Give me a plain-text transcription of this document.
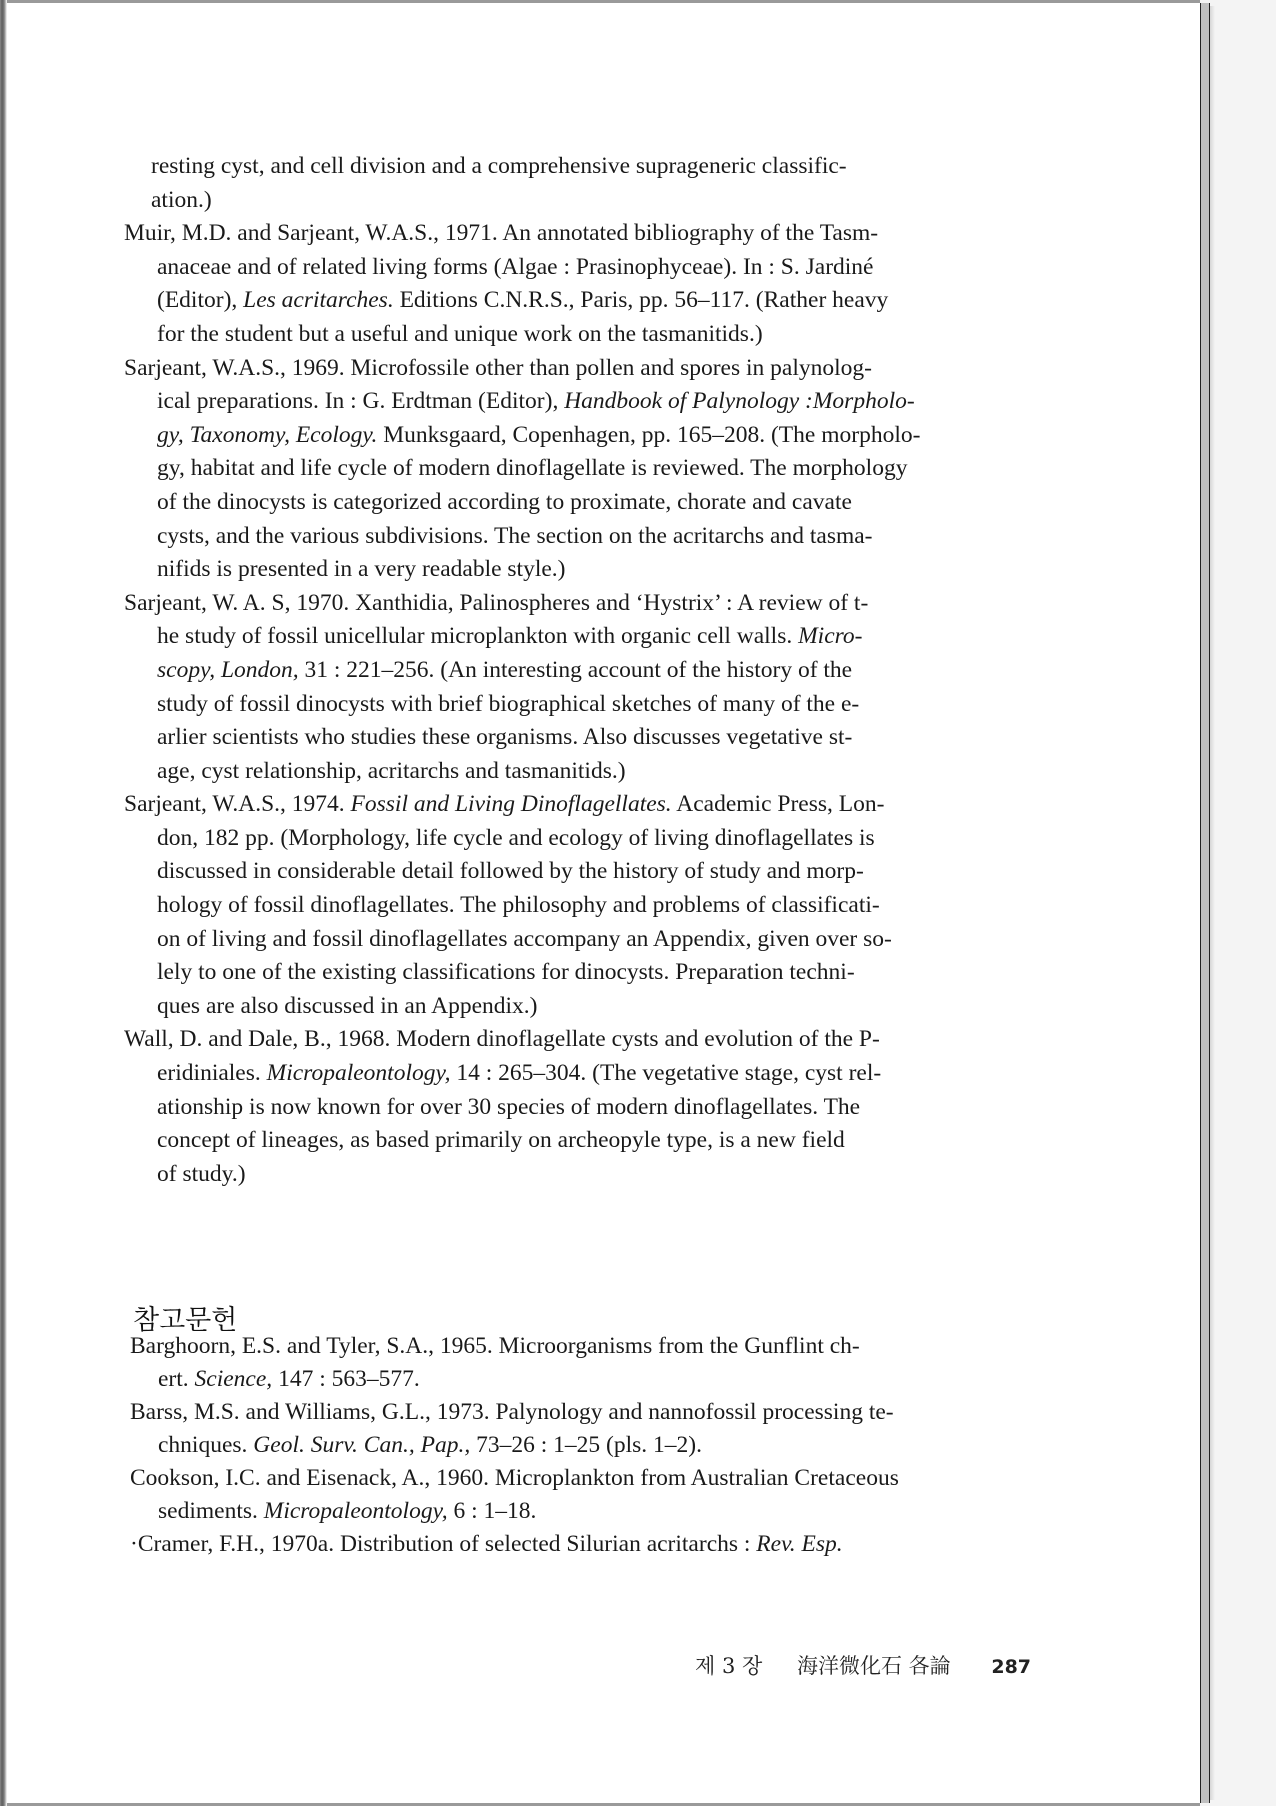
resting cyst, and cell division and a comprehensive suprageneric classific-
ation.)
Muir, M.D. and Sarjeant, W.A.S., 1971. An annotated bibliography of the Tasm-
anaceae and of related living forms (Algae : Prasinophyceae). In : S. Jardiné
(Editor), Les acritarches. Editions C.N.R.S., Paris, pp. 56–117. (Rather heavy
for the student but a useful and unique work on the tasmanitids.)
Sarjeant, W.A.S., 1969. Microfossile other than pollen and spores in palynolog-
ical preparations. In : G. Erdtman (Editor), Handbook of Palynology :Morpholo-
gy, Taxonomy, Ecology. Munksgaard, Copenhagen, pp. 165–208. (The morpholo-
gy, habitat and life cycle of modern dinoflagellate is reviewed. The morphology
of the dinocysts is categorized according to proximate, chorate and cavate
cysts, and the various subdivisions. The section on the acritarchs and tasma-
nifids is presented in a very readable style.)
Sarjeant, W. A. S, 1970. Xanthidia, Palinospheres and ‘Hystrix’ : A review of t-
he study of fossil unicellular microplankton with organic cell walls. Micro-
scopy, London, 31 : 221–256. (An interesting account of the history of the
study of fossil dinocysts with brief biographical sketches of many of the e-
arlier scientists who studies these organisms. Also discusses vegetative st-
age, cyst relationship, acritarchs and tasmanitids.)
Sarjeant, W.A.S., 1974. Fossil and Living Dinoflagellates. Academic Press, Lon-
don, 182 pp. (Morphology, life cycle and ecology of living dinoflagellates is
discussed in considerable detail followed by the history of study and morp-
hology of fossil dinoflagellates. The philosophy and problems of classificati-
on of living and fossil dinoflagellates accompany an Appendix, given over so-
lely to one of the existing classifications for dinocysts. Preparation techni-
ques are also discussed in an Appendix.)
Wall, D. and Dale, B., 1968. Modern dinoflagellate cysts and evolution of the P-
eridiniales. Micropaleontology, 14 : 265–304. (The vegetative stage, cyst rel-
ationship is now known for over 30 species of modern dinoflagellates. The
concept of lineages, as based primarily on archeopyle type, is a new field
of study.)
참고문헌
Barghoorn, E.S. and Tyler, S.A., 1965. Microorganisms from the Gunflint ch-
ert. Science, 147 : 563–577.
Barss, M.S. and Williams, G.L., 1973. Palynology and nannofossil processing te-
chniques. Geol. Surv. Can., Pap., 73–26 : 1–25 (pls. 1–2).
Cookson, I.C. and Eisenack, A., 1960. Microplankton from Australian Cretaceous
sediments. Micropaleontology, 6 : 1–18.
·Cramer, F.H., 1970a. Distribution of selected Silurian acritarchs : Rev. Esp.
제 3 장 海洋微化石 各論 287
